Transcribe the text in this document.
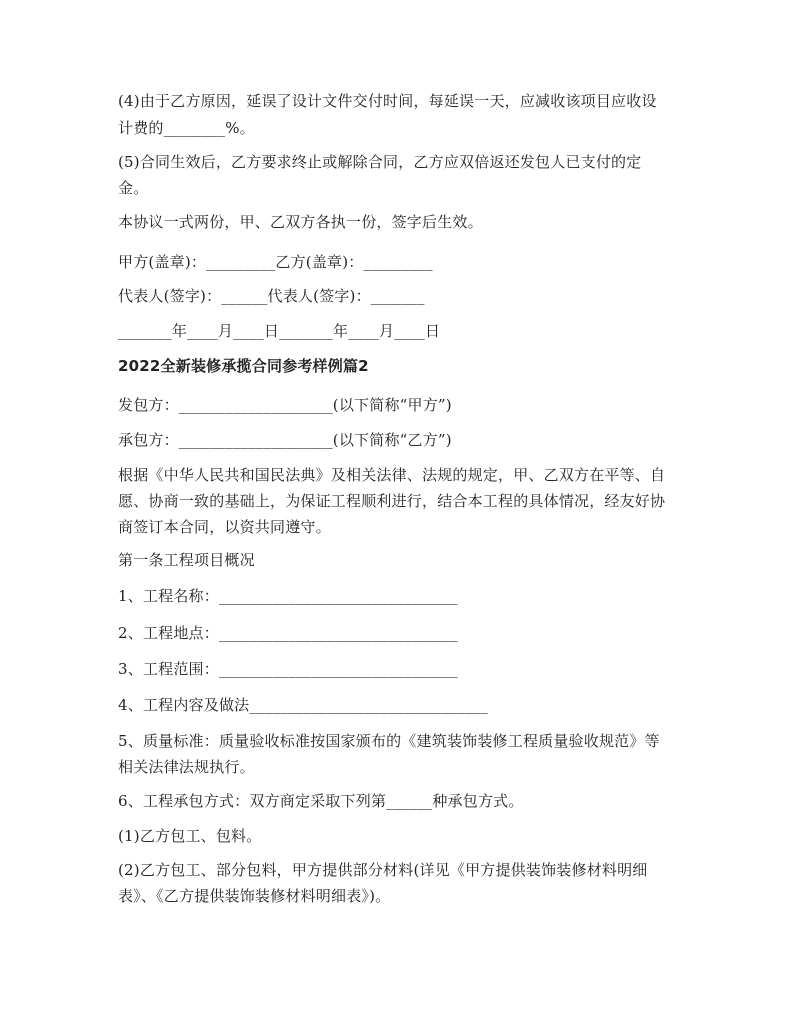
(4)由于乙方原因，延误了设计文件交付时间，每延误一天，应减收该项目应收设
计费的________%。
(5)合同生效后，乙方要求终止或解除合同，乙方应双倍返还发包人已支付的定
金。
本协议一式两份，甲、乙双方各执一份，签字后生效。
甲方(盖章)：_________乙方(盖章)：_________
代表人(签字)：______代表人(签字)：_______
_______年____月____日_______年____月____日
2022全新装修承揽合同参考样例篇2
发包方：____________________(以下简称“甲方”)
承包方：____________________(以下简称“乙方”)
根据《中华人民共和国民法典》及相关法律、法规的规定，甲、乙双方在平等、自
愿、协商一致的基础上，为保证工程顺利进行，结合本工程的具体情况，经友好协
商签订本合同，以资共同遵守。
第一条工程项目概况
1、工程名称：_______________________________
2、工程地点：_______________________________
3、工程范围：_______________________________
4、工程内容及做法_______________________________
5、质量标准：质量验收标准按国家颁布的《建筑装饰装修工程质量验收规范》等
相关法律法规执行。
6、工程承包方式：双方商定采取下列第______种承包方式。
(1)乙方包工、包料。
(2)乙方包工、部分包料，甲方提供部分材料(详见《甲方提供装饰装修材料明细
表》、《乙方提供装饰装修材料明细表》)。
